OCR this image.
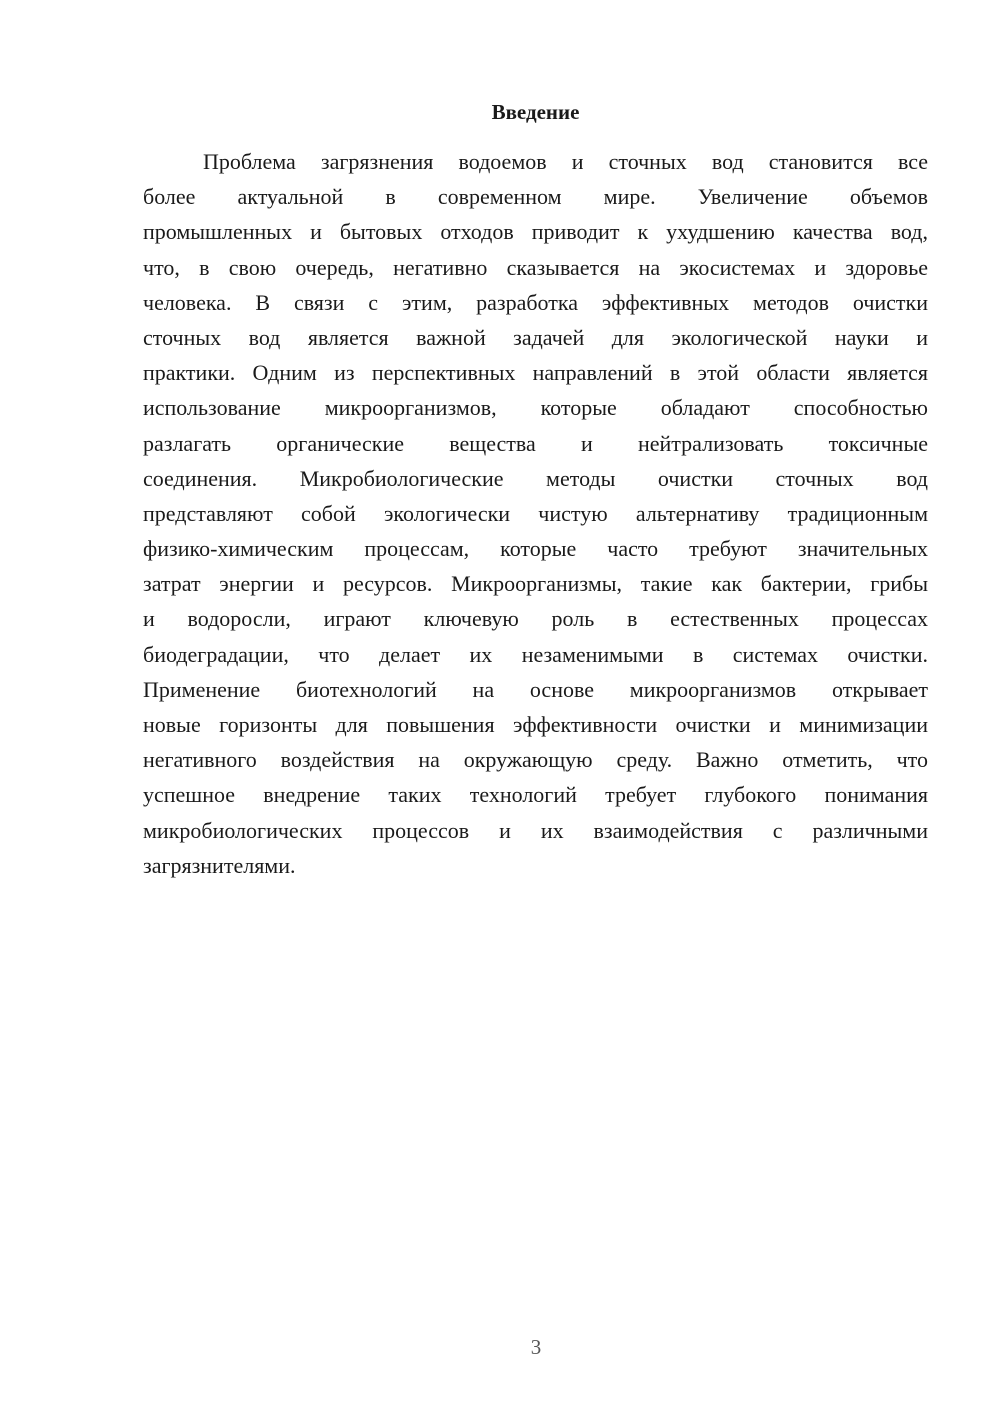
Введение
Проблема загрязнения водоемов и сточных вод становится все
более актуальной в современном мире. Увеличение объемов
промышленных и бытовых отходов приводит к ухудшению качества вод,
что, в свою очередь, негативно сказывается на экосистемах и здоровье
человека. В связи с этим, разработка эффективных методов очистки
сточных вод является важной задачей для экологической науки и
практики. Одним из перспективных направлений в этой области является
использование микроорганизмов, которые обладают способностью
разлагать органические вещества и нейтрализовать токсичные
соединения. Микробиологические методы очистки сточных вод
представляют собой экологически чистую альтернативу традиционным
физико-химическим процессам, которые часто требуют значительных
затрат энергии и ресурсов. Микроорганизмы, такие как бактерии, грибы
и водоросли, играют ключевую роль в естественных процессах
биодеградации, что делает их незаменимыми в системах очистки.
Применение биотехнологий на основе микроорганизмов открывает
новые горизонты для повышения эффективности очистки и минимизации
негативного воздействия на окружающую среду. Важно отметить, что
успешное внедрение таких технологий требует глубокого понимания
микробиологических процессов и их взаимодействия с различными
загрязнителями.
3
